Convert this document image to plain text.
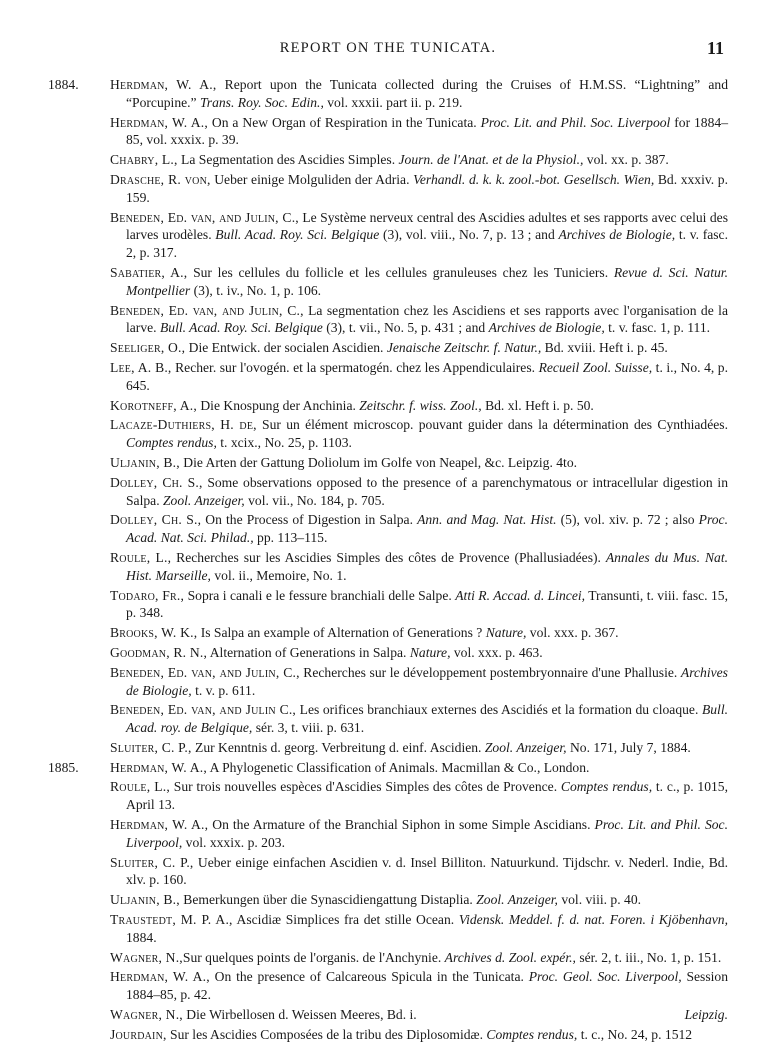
REPORT ON THE TUNICATA.	11

1884. Herdman, W. A., Report upon the Tunicata collected during the Cruises of H.M.SS. “Lightning” and “Porcupine.” Trans. Roy. Soc. Edin., vol. xxxii. part ii. p. 219.

Herdman, W. A., On a New Organ of Respiration in the Tunicata. Proc. Lit. and Phil. Soc. Liverpool for 1884–85, vol. xxxix. p. 39.

Chabry, L., La Segmentation des Ascidies Simples. Journ. de l'Anat. et de la Physiol., vol. xx. p. 387.

Drasche, R. von, Ueber einige Molguliden der Adria. Verhandl. d. k. k. zool.-bot. Gesellsch. Wien, Bd. xxxiv. p. 159.

Beneden, Ed. van, and Julin, C., Le Système nerveux central des Ascidies adultes et ses rapports avec celui des larves urodèles. Bull. Acad. Roy. Sci. Belgique (3), vol. viii., No. 7, p. 13 ; and Archives de Biologie, t. v. fasc. 2, p. 317.

Sabatier, A., Sur les cellules du follicle et les cellules granuleuses chez les Tuniciers. Revue d. Sci. Natur. Montpellier (3), t. iv., No. 1, p. 106.

Beneden, Ed. van, and Julin, C., La segmentation chez les Ascidiens et ses rapports avec l'organisation de la larve. Bull. Acad. Roy. Sci. Belgique (3), t. vii., No. 5, p. 431 ; and Archives de Biologie, t. v. fasc. 1, p. 111.

Seeliger, O., Die Entwick. der socialen Ascidien. Jenaische Zeitschr. f. Natur., Bd. xviii. Heft i. p. 45.

Lee, A. B., Recher. sur l'ovogén. et la spermatogén. chez les Appendiculaires. Recueil Zool. Suisse, t. i., No. 4, p. 645.

Korotneff, A., Die Knospung der Anchinia. Zeitschr. f. wiss. Zool., Bd. xl. Heft i. p. 50.

Lacaze-Duthiers, H. de, Sur un élément microscop. pouvant guider dans la détermination des Cynthiadées. Comptes rendus, t. xcix., No. 25, p. 1103.

Uljanin, B., Die Arten der Gattung Doliolum im Golfe von Neapel, &c. Leipzig. 4to.

Dolley, Ch. S., Some observations opposed to the presence of a parenchymatous or intracellular digestion in Salpa. Zool. Anzeiger, vol. vii., No. 184, p. 705.

Dolley, Ch. S., On the Process of Digestion in Salpa. Ann. and Mag. Nat. Hist. (5), vol. xiv. p. 72 ; also Proc. Acad. Nat. Sci. Philad., pp. 113–115.

Roule, L., Recherches sur les Ascidies Simples des côtes de Provence (Phallusiadées). Annales du Mus. Nat. Hist. Marseille, vol. ii., Memoire, No. 1.

Todaro, Fr., Sopra i canali e le fessure branchiali delle Salpe. Atti R. Accad. d. Lincei, Transunti, t. viii. fasc. 15, p. 348.

Brooks, W. K., Is Salpa an example of Alternation of Generations ? Nature, vol. xxx. p. 367.

Goodman, R. N., Alternation of Generations in Salpa. Nature, vol. xxx. p. 463.

Beneden, Ed. van, and Julin, C., Recherches sur le développement postembryonnaire d'une Phallusie. Archives de Biologie, t. v. p. 611.

Beneden, Ed. van, and Julin C., Les orifices branchiaux externes des Ascidiés et la formation du cloaque. Bull. Acad. roy. de Belgique, sér. 3, t. viii. p. 631.

Sluiter, C. P., Zur Kenntnis d. georg. Verbreitung d. einf. Ascidien. Zool. Anzeiger, No. 171, July 7, 1884.

1885. Herdman, W. A., A Phylogenetic Classification of Animals. Macmillan & Co., London.

Roule, L., Sur trois nouvelles espèces d'Ascidies Simples des côtes de Provence. Comptes rendus, t. c., p. 1015, April 13.

Herdman, W. A., On the Armature of the Branchial Siphon in some Simple Ascidians. Proc. Lit. and Phil. Soc. Liverpool, vol. xxxix. p. 203.

Sluiter, C. P., Ueber einige einfachen Ascidien v. d. Insel Billiton. Natuurkund. Tijdschr. v. Nederl. Indie, Bd. xlv. p. 160.

Uljanin, B., Bemerkungen über die Synascidiengattung Distaplia. Zool. Anzeiger, vol. viii. p. 40.

Traustedt, M. P. A., Ascidiæ Simplices fra det stille Ocean. Vidensk. Meddel. f. d. nat. Foren. i Kjöbenhavn, 1884.

Wagner, N.,Sur quelques points de l'organis. de l'Anchynie. Archives d. Zool. expér., sér. 2, t. iii., No. 1, p. 151.

Herdman, W. A., On the presence of Calcareous Spicula in the Tunicata. Proc. Geol. Soc. Liverpool, Session 1884–85, p. 42.

Wagner, N., Die Wirbellosen d. Weissen Meeres, Bd. i.	Leipzig.

Jourdain, Sur les Ascidies Composées de la tribu des Diplosomidæ. Comptes rendus, t. c., No. 24, p. 1512
